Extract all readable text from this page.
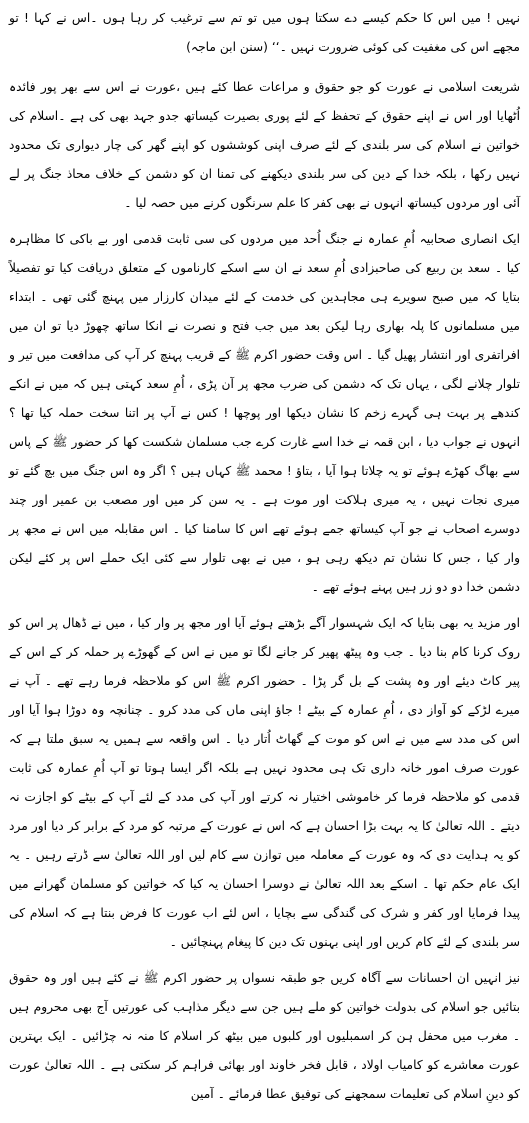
نہیں ! میں اس کا حکم کیسے دے سکتا ہوں میں تو تم سے ترغیب کر رہا ہوں ۔اس نے کہا ! تو مجھے اس کی مغفیت کی کوئی ضرورت نہیں ۔‘‘ (سنن ابن ماجہ)

شریعت اسلامی نے عورت کو جو حقوق و مراعات عطا کئے ہیں ،عورت نے اس سے بھر پور فائدہ اُٹھایا اور اس نے اپنے حقوق کے تحفظ کے لئے پوری بصیرت کیساتھ جدو جہد بھی کی ہے ۔اسلام کی خواتین نے اسلام کی سر بلندی کے لئے صرف اپنی کوششوں کو اپنے گھر کی چار دیواری تک محدود نہیں رکھا ، بلکہ خدا کے دین کی سر بلندی دیکھنے کی تمنا ان کو دشمن کے خلاف محاذ جنگ پر لے آئی اور مردوں کیساتھ انہوں نے بھی کفر کا علم سرنگوں کرنے میں حصہ لیا ۔

ایک انصاری صحابیہ اُمِ عمارہ نے جنگ اُحد میں مردوں کی سی ثابت قدمی اور بے باکی کا مظاہرہ کیا ۔ سعد بن ربیع کی صاحبزادی اُمِ سعد نے ان سے اسکے کارناموں کے متعلق دریافت کیا تو تفصیلاً بتایا کہ میں صبح سویرے ہی مجاہدین کی خدمت کے لئے میدان کارزار میں پہنچ گئی تھی ۔ ابتداء میں مسلمانوں کا پلہ بھاری رہا لیکن بعد میں جب فتح و نصرت نے انکا ساتھ چھوڑ دیا تو ان میں افراتفری اور انتشار پھیل گیا ۔ اس وقت حضور اکرم ﷺ کے قریب پہنچ کر آپ کی مدافعت میں تیر و تلوار چلانے لگی ، یہاں تک کہ دشمن کی ضرب مجھ پر آن پڑی ، اُمِ سعد کہتی ہیں کہ میں نے انکے کندھے پر بہت ہی گہرے زخم کا نشان دیکھا اور پوچھا ! کس نے آپ پر اتنا سخت حملہ کیا تھا ؟ انہوں نے جواب دیا ، ابن قمہ نے خدا اسے غارت کرے جب مسلمان شکست کھا کر حضور ﷺ کے پاس سے بھاگ کھڑے ہوئے تو یہ چلاتا ہوا آیا ، بتاؤ ! محمد ﷺ کہاں ہیں ؟ اگر وہ اس جنگ میں بچ گئے تو میری نجات نہیں ، یہ میری ہلاکت اور موت ہے ۔ یہ سن کر میں اور مصعب بن عمیر اور چند دوسرے اصحاب نے جو آپ کیساتھ جمے ہوئے تھے اس کا سامنا کیا ۔ اس مقابلہ میں اس نے مجھ پر وار کیا ، جس کا نشان تم دیکھ رہی ہو ، میں نے بھی تلوار سے کئی ایک حملے اس پر کئے لیکن دشمن خدا دو دو زر ہیں پہنے ہوئے تھے ۔

اور مزید یہ بھی بتایا کہ ایک شہسوار آگے بڑھتے ہوئے آیا اور مجھ پر وار کیا ، میں نے ڈھال پر اس کو روک کرنا کام بنا دیا ۔ جب وہ پیٹھ پھیر کر جانے لگا تو میں نے اس کے گھوڑے پر حملہ کر کے اس کے پیر کاٹ دیئے اور وہ پشت کے بل گر پڑا ۔ حضور اکرم ﷺ اس کو ملاحظہ فرما رہے تھے ۔ آپ نے میرے لڑکے کو آواز دی ، اُمِ عمارہ کے بیٹے ! جاؤ اپنی ماں کی مدد کرو ۔ چنانچہ وہ دوڑا ہوا آیا اور اس کی مدد سے میں نے اس کو موت کے گھاٹ اُتار دیا ۔ اس واقعہ سے ہمیں یہ سبق ملتا ہے کہ عورت صرف امور خانہ داری تک ہی محدود نہیں ہے بلکہ اگر ایسا ہوتا تو آپ اُمِ عمارہ کی ثابت قدمی کو ملاحظہ فرما کر خاموشی اختیار نہ کرتے اور آپ کی مدد کے لئے آپ کے بیٹے کو اجازت نہ دیتے ۔ اللہ تعالیٰ کا یہ بہت بڑا احسان ہے کہ اس نے عورت کے مرتبہ کو مرد کے برابر کر دیا اور مرد کو یہ ہدایت دی کہ وہ عورت کے معاملہ میں توازن سے کام لیں اور اللہ تعالیٰ سے ڈرتے رہیں ۔ یہ ایک عام حکم تھا ۔ اسکے بعد اللہ تعالیٰ نے دوسرا احسان یہ کیا کہ خواتین کو مسلمان گھرانے میں پیدا فرمایا اور کفر و شرک کی گندگی سے بچایا ، اس لئے اب عورت کا فرض بنتا ہے کہ اسلام کی سر بلندی کے لئے کام کریں اور اپنی بہنوں تک دین کا پیغام پہنچائیں ۔

نیز انہیں ان احسانات سے آگاہ کریں جو طبقہ نسواں پر حضور اکرم ﷺ نے کئے ہیں اور وہ حقوق بتائیں جو اسلام کی بدولت خواتین کو ملے ہیں جن سے دیگر مذاہب کی عورتیں آج بھی محروم ہیں ۔ مغرب میں محفل ہن کر اسمبلیوں اور کلبوں میں بیٹھ کر اسلام کا منہ نہ چڑائیں ۔ ایک بہترین عورت معاشرے کو کامیاب اولاد ، قابل فخر خاوند اور بھائی فراہم کر سکتی ہے ۔ اللہ تعالیٰ عورت کو دینِ اسلام کی تعلیمات سمجھنے کی توفیق عطا فرمائے ۔ آمین
